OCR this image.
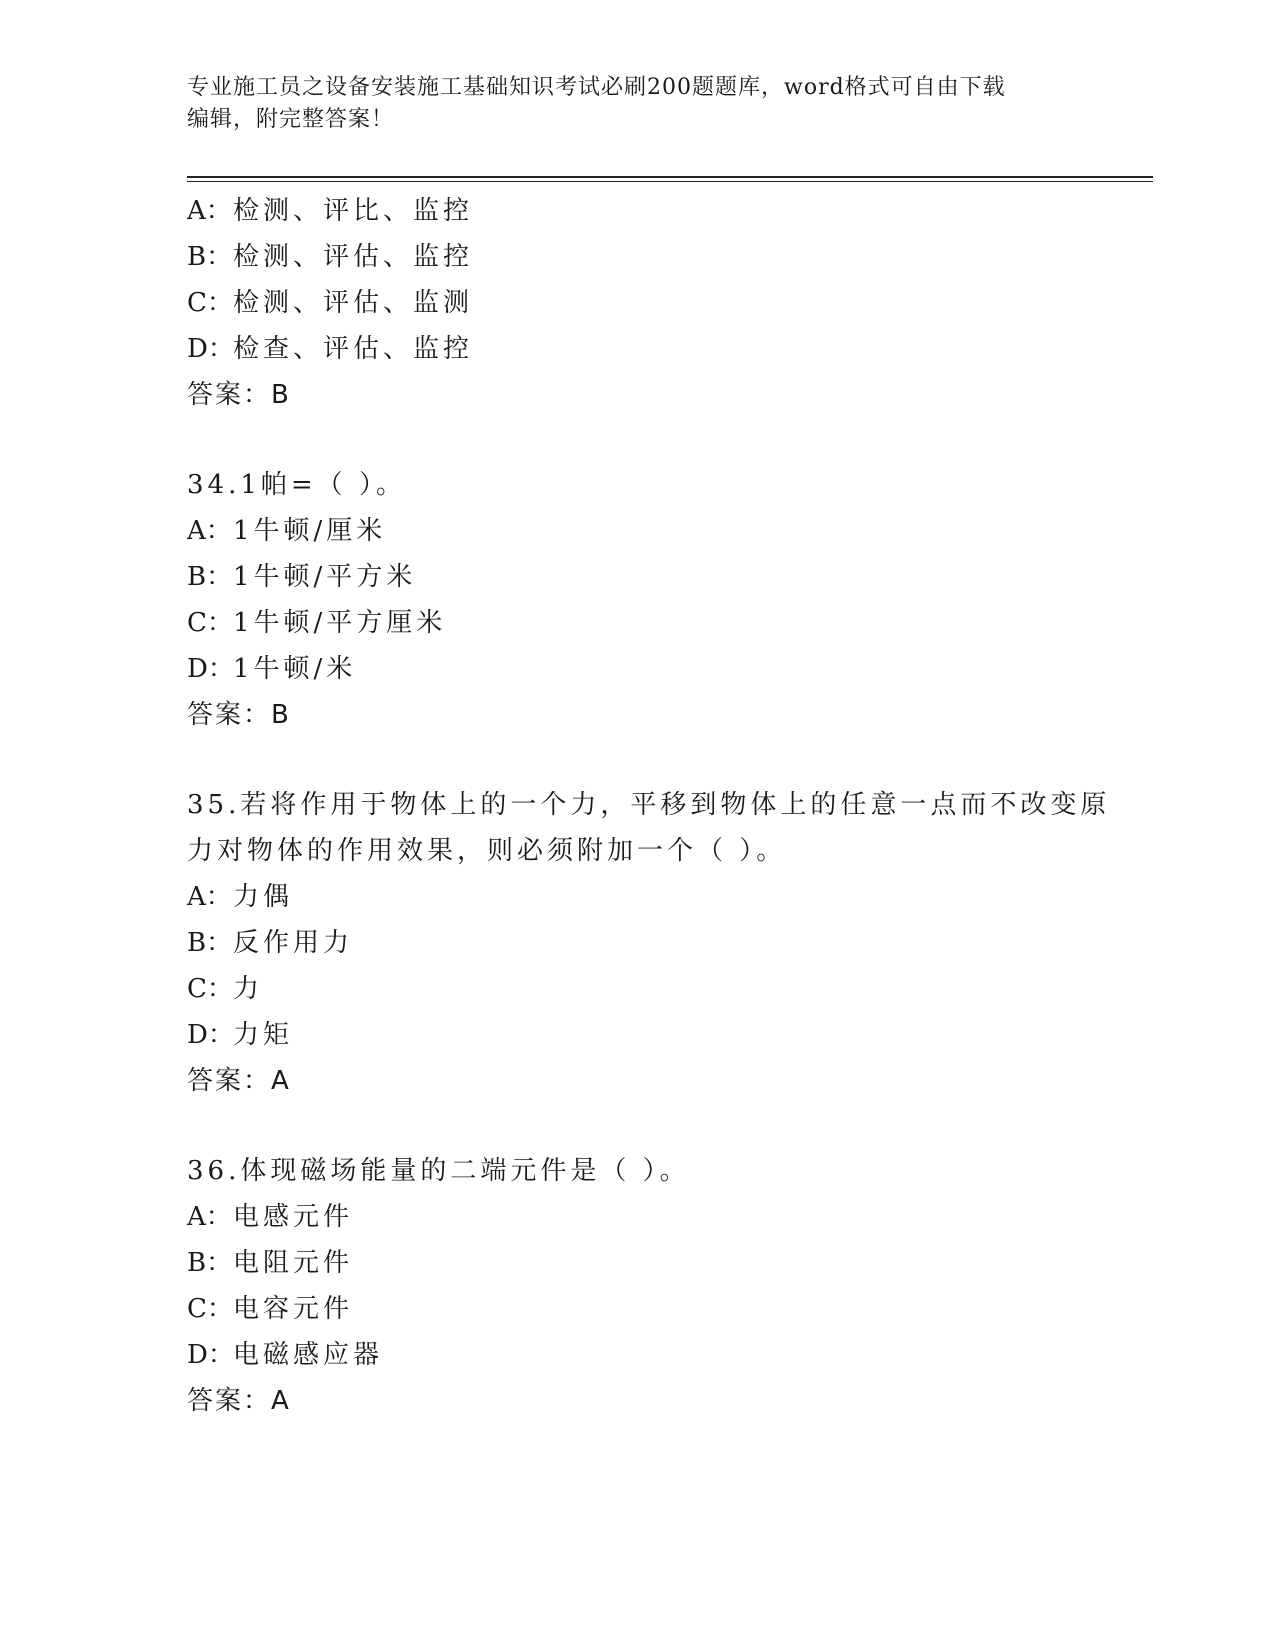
专业施工员之设备安装施工基础知识考试必刷200题题库，word格式可自由下载
编辑，附完整答案！
A：检测、评比、监控
B：检测、评估、监控
C：检测、评估、监测
D：检查、评估、监控
答案：B
34.1帕=（ ）。
A：1牛顿/厘米
B：1牛顿/平方米
C：1牛顿/平方厘米
D：1牛顿/米
答案：B
35.若将作用于物体上的一个力，平移到物体上的任意一点而不改变原
力对物体的作用效果，则必须附加一个（ ）。
A：力偶
B：反作用力
C：力
D：力矩
答案：A
36.体现磁场能量的二端元件是（ ）。
A：电感元件
B：电阻元件
C：电容元件
D：电磁感应器
答案：A
